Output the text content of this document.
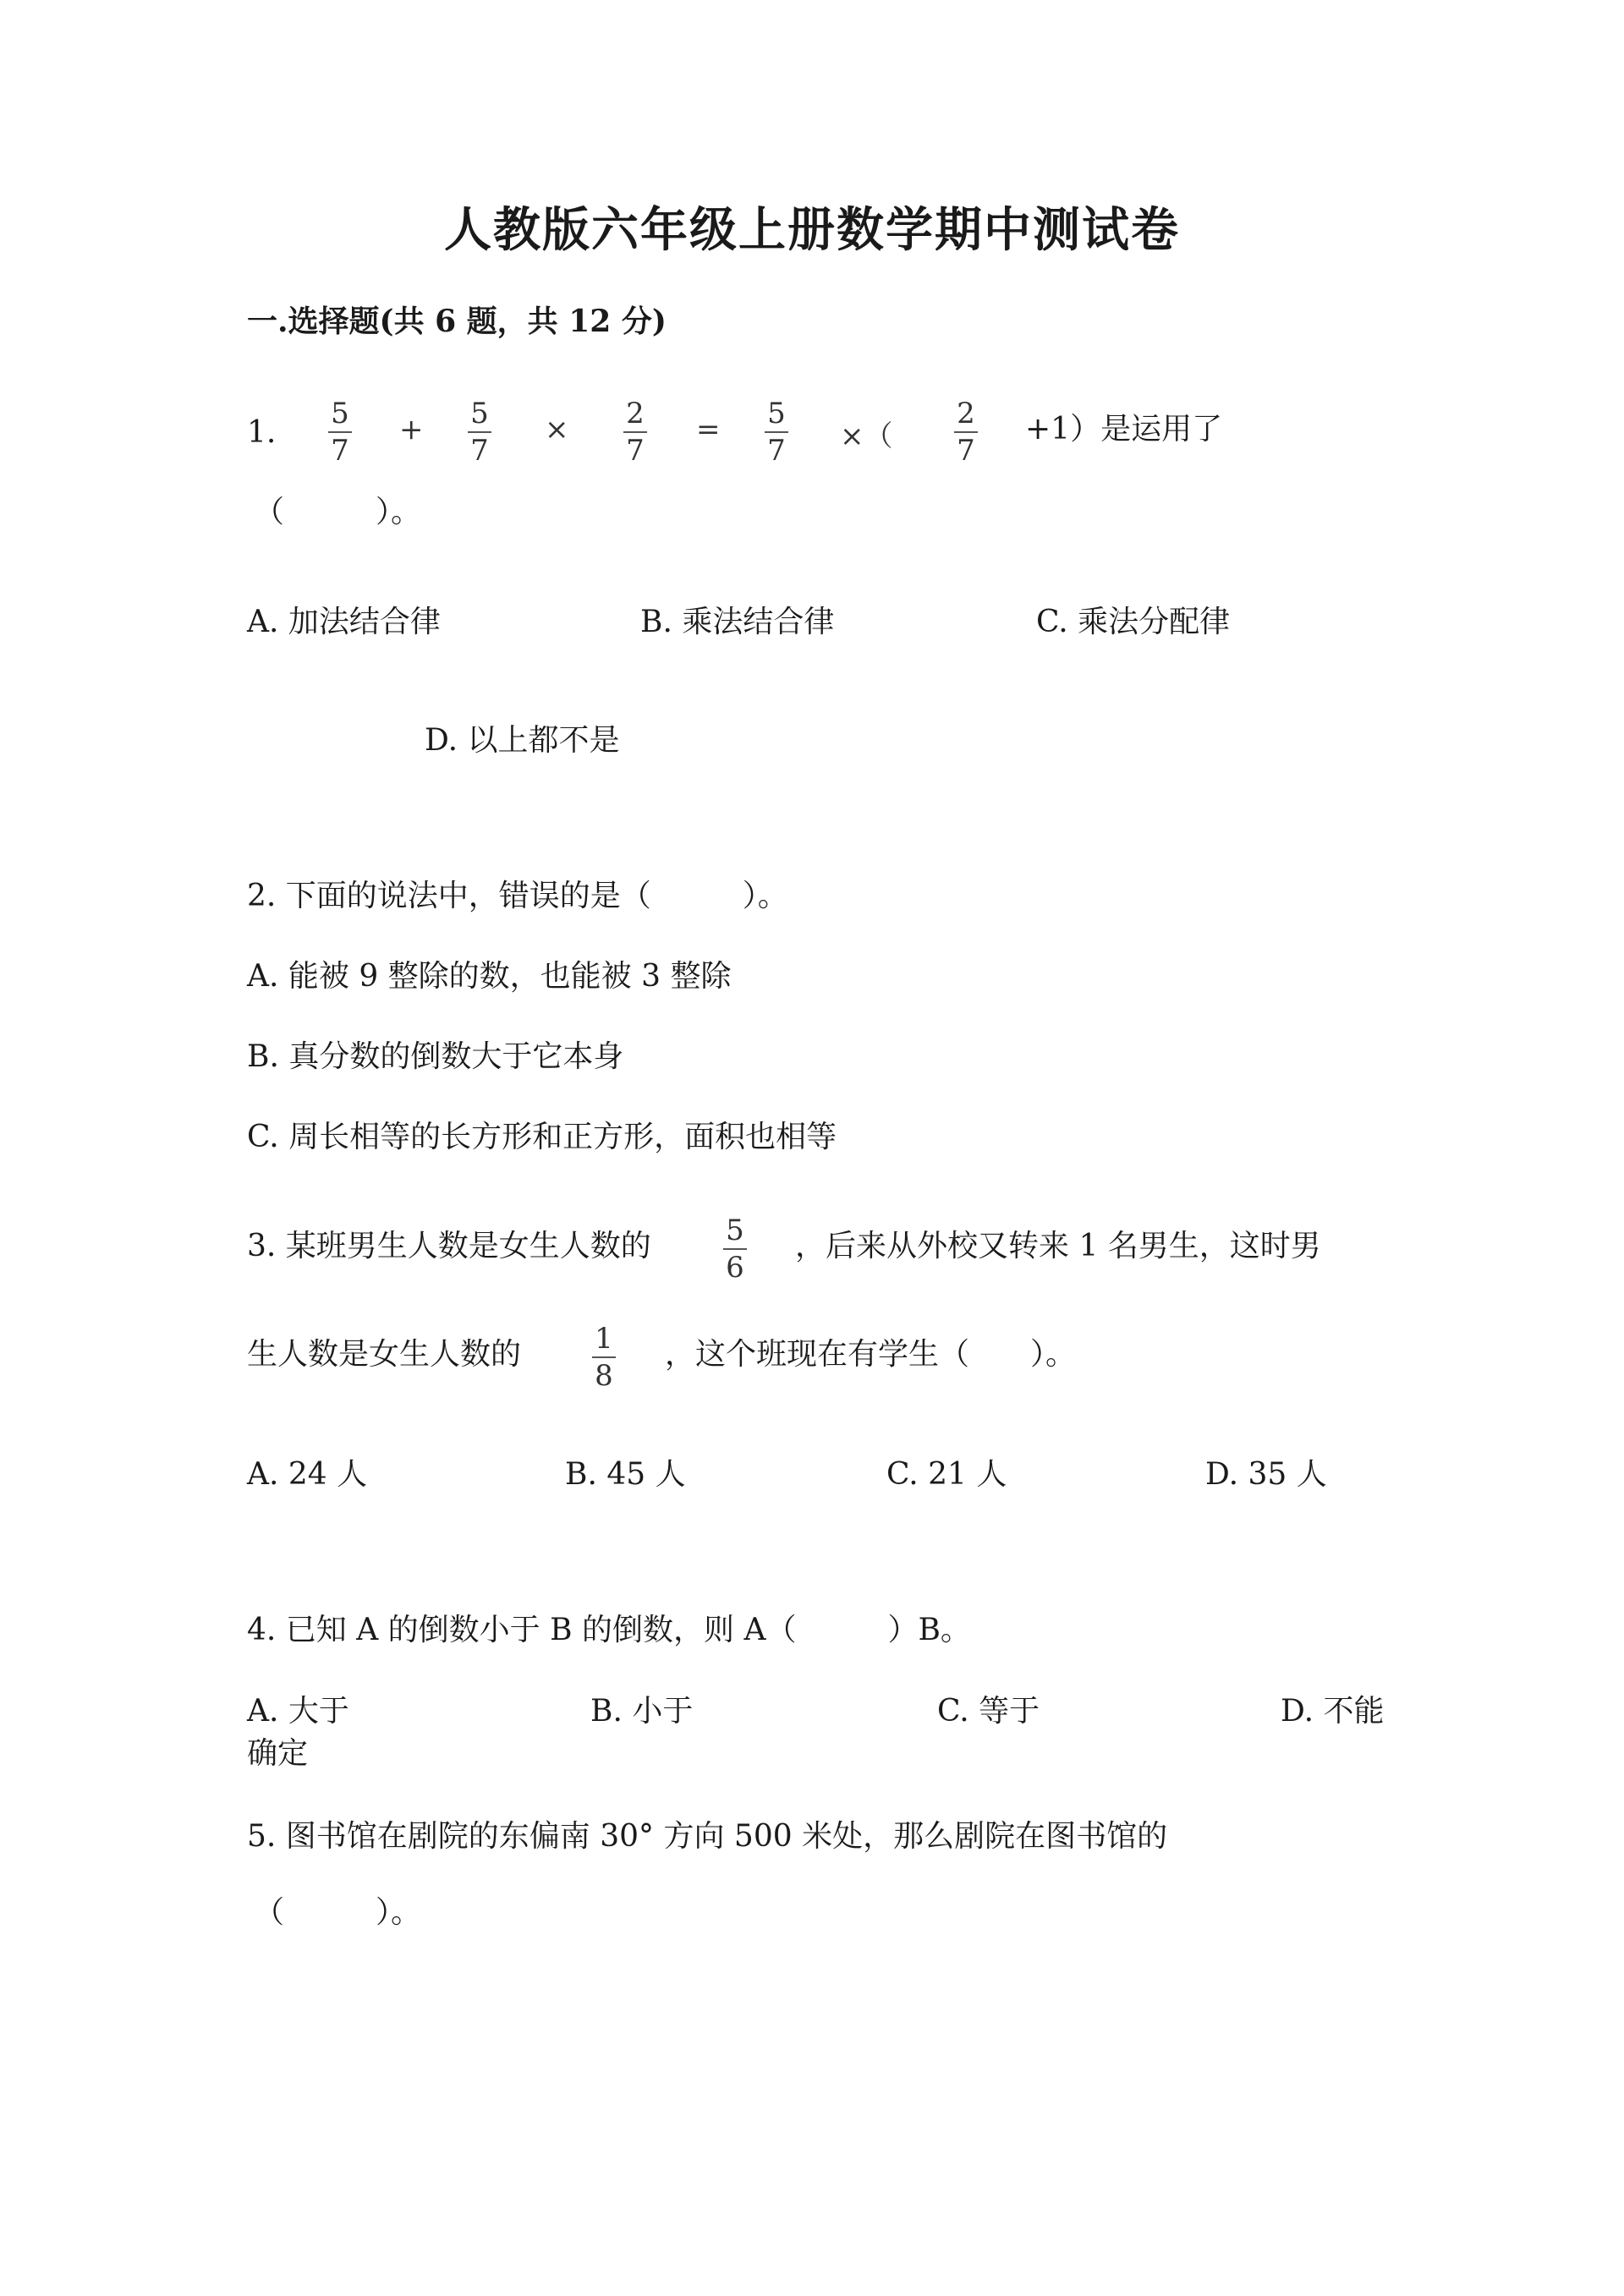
人教版六年级上册数学期中测试卷
一.选择题(共 6 题，共 12 分)
1.
5
7
+ 5
7
× 2
7
= 5
7 ×（
2
7
+1）是运用了
（　　　）。
A. 加法结合律	B. 乘法结合律	C. 乘法分配律
D. 以上都不是
2. 下面的说法中，错误的是（　　　）。
A. 能被 9 整除的数，也能被 3 整除
B. 真分数的倒数大于它本身
C. 周长相等的长方形和正方形，面积也相等
3. 某班男生人数是女生人数的	5
6
，后来从外校又转来 1 名男生，这时男
生人数是女生人数的	1
8
，这个班现在有学生（　　）。
A. 24 人	B. 45 人	C. 21 人	D. 35 人
4. 已知 A 的倒数小于 B 的倒数，则 A（　　　）B。
A. 大于	B. 小于	C. 等于	D. 不能
确定
5. 图书馆在剧院的东偏南 30° 方向 500 米处，那么剧院在图书馆的
（　　　）。
